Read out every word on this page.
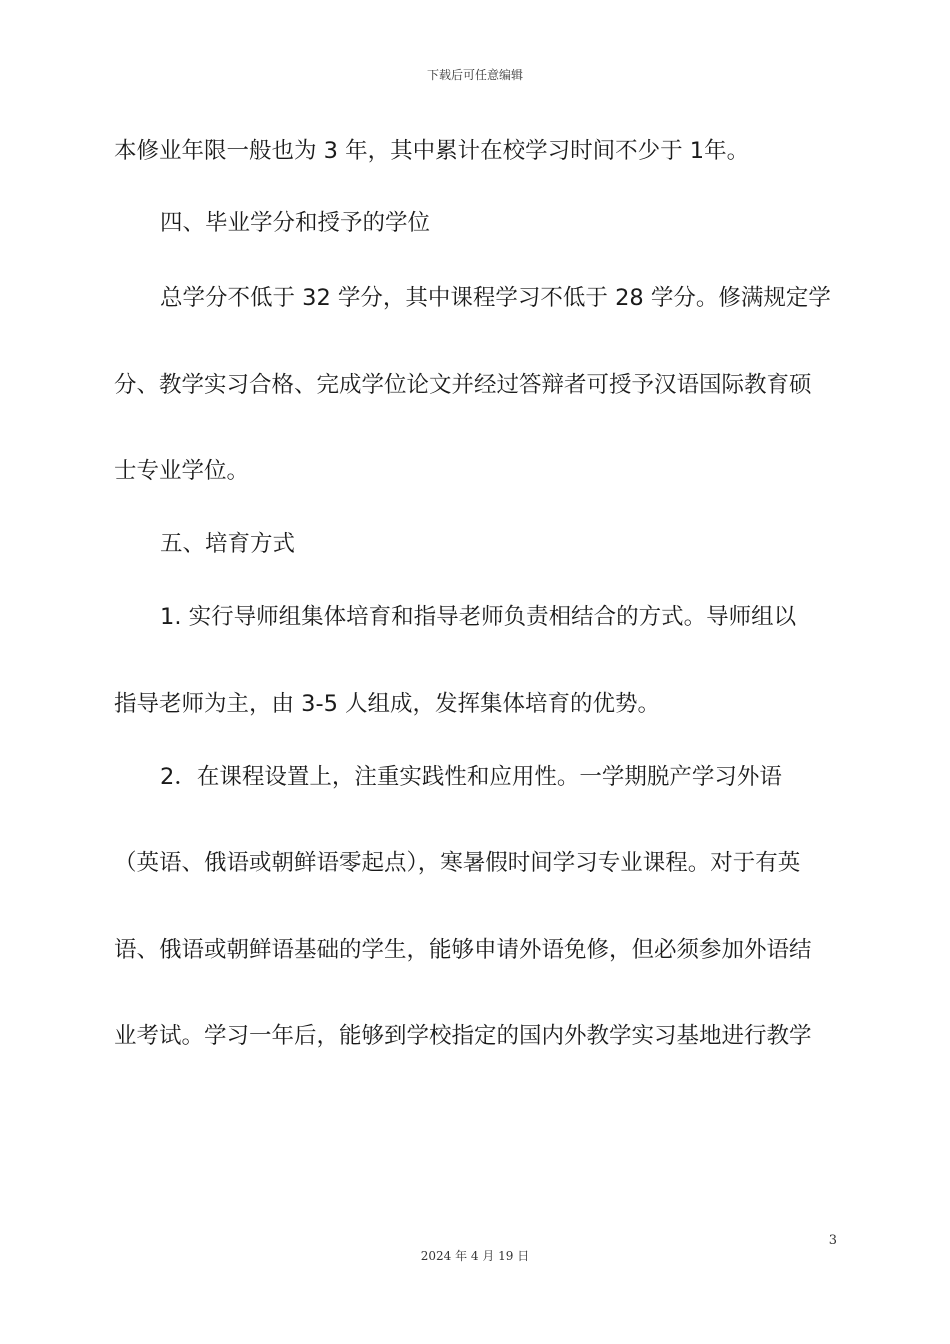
下载后可任意编辑
本修业年限一般也为 3 年，其中累计在校学习时间不少于 1年。
四、毕业学分和授予的学位
总学分不低于 32 学分，其中课程学习不低于 28 学分。修满规定学
分、教学实习合格、完成学位论文并经过答辩者可授予汉语国际教育硕
士专业学位。
五、培育方式
1. 实行导师组集体培育和指导老师负责相结合的方式。导师组以
指导老师为主，由 3-5 人组成，发挥集体培育的优势。
2．在课程设置上，注重实践性和应用性。一学期脱产学习外语
（英语、俄语或朝鲜语零起点），寒暑假时间学习专业课程。对于有英
语、俄语或朝鲜语基础的学生，能够申请外语免修，但必须参加外语结
业考试。学习一年后，能够到学校指定的国内外教学实习基地进行教学
3
2024 年 4 月 19 日
